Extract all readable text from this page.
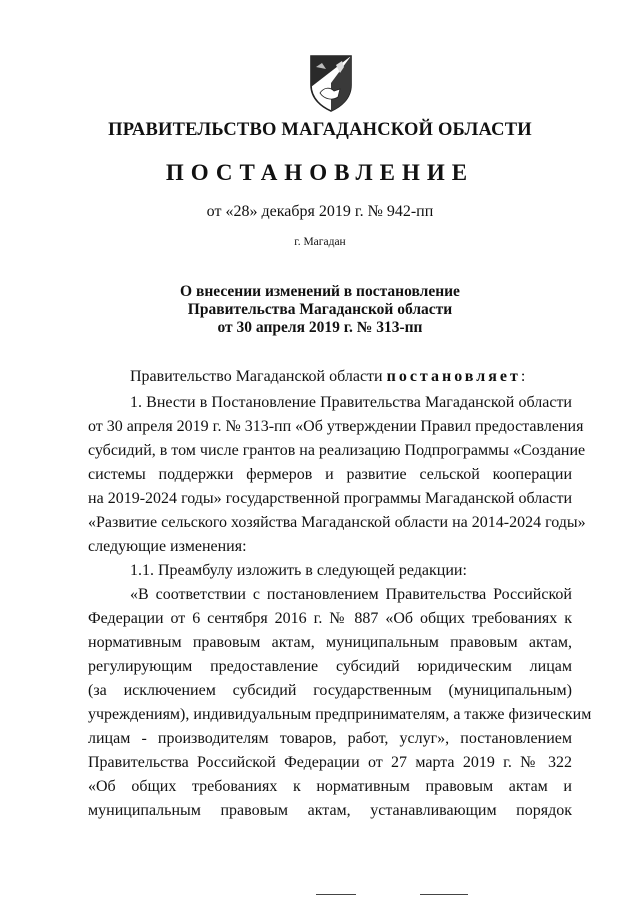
ПРАВИТЕЛЬСТВО МАГАДАНСКОЙ ОБЛАСТИ
ПОСТАНОВЛЕНИЕ
от «28» декабря 2019 г. № 942-пп
г. Магадан
О внесении изменений в постановление
Правительства Магаданской области
от 30 апреля 2019 г. № 313-пп
Правительство Магаданской области постановляет:
1. Внести в Постановление Правительства Магаданской области
от 30 апреля 2019 г. № 313-пп «Об утверждении Правил предоставления
субсидий, в том числе грантов на реализацию Подпрограммы «Создание
системы поддержки фермеров и развитие сельской кооперации
на 2019-2024 годы» государственной программы Магаданской области
«Развитие сельского хозяйства Магаданской области на 2014-2024 годы»
следующие изменения:
1.1. Преамбулу изложить в следующей редакции:
«В соответствии с постановлением Правительства Российской
Федерации от 6 сентября 2016 г. № 887 «Об общих требованиях к
нормативным правовым актам, муниципальным правовым актам,
регулирующим предоставление субсидий юридическим лицам
(за исключением субсидий государственным (муниципальным)
учреждениям), индивидуальным предпринимателям, а также физическим
лицам - производителям товаров, работ, услуг», постановлением
Правительства Российской Федерации от 27 марта 2019 г. № 322
«Об общих требованиях к нормативным правовым актам и
муниципальным правовым актам, устанавливающим порядок
